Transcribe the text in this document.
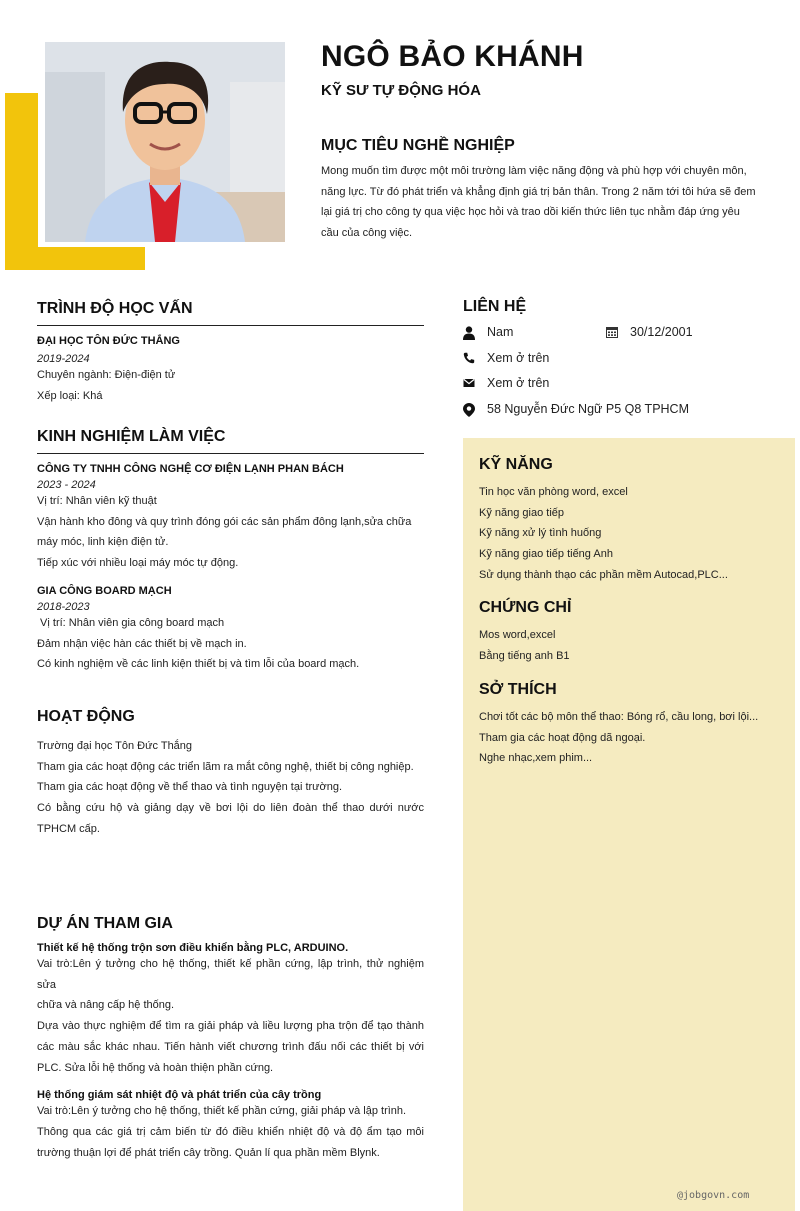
NGÔ BẢO KHÁNH
KỸ SƯ TỰ ĐỘNG HÓA
MỤC TIÊU NGHỀ NGHIỆP

Mong muốn tìm được một môi trường làm việc năng động và phù hợp với chuyên môn,

năng lực. Từ đó phát triển và khẳng định giá trị bản thân. Trong 2 năm tới tôi hứa sẽ đem

lại giá trị cho công ty qua việc học hỏi và trao dồi kiến thức liên tục nhằm đáp ứng yêu

cầu của công việc.

TRÌNH ĐỘ HỌC VẤN

ĐẠI HỌC TÔN ĐỨC THẮNG

2019-2024

Chuyên ngành: Điện-điện tử

Xếp loại: Khá

KINH NGHIỆM LÀM VIỆC

CÔNG TY TNHH CÔNG NGHỆ CƠ ĐIỆN LẠNH PHAN BÁCH

2023 - 2024

Vị trí: Nhân viên kỹ thuật

Vận hành kho đông và quy trình đóng gói các sản phẩm đông lạnh,sửa chữa

máy móc, linh kiện điện tử.

Tiếp xúc với nhiều loại máy móc tự động.

GIA CÔNG BOARD MẠCH

2018-2023

Vị trí: Nhân viên gia công board mạch

Đảm nhận việc hàn các thiết bị về mạch in.

Có kinh nghiệm về các linh kiện thiết bị và tìm lỗi của board mạch.

HOẠT ĐỘNG

Trường đại học Tôn Đức Thắng

Tham gia các hoạt động các triển lãm ra mắt công nghệ, thiết bị công nghiệp.

Tham gia các hoạt động về thể thao và tình nguyện tại trường.

Có bằng cứu hộ và giảng dạy về bơi lội do liên đoàn thể thao dưới nước

TPHCM cấp.

DỰ ÁN THAM GIA

Thiết kế hệ thống trộn sơn điều khiển bằng PLC, ARDUINO.

Vai trò:Lên ý tưởng cho hệ thống, thiết kế phần cứng, lập trình, thử nghiệm sửa

chữa và nâng cấp hệ thống.

Dựa vào thực nghiệm để tìm ra giải pháp và liều lượng pha trộn để tạo thành

các màu sắc khác nhau. Tiến hành viết chương trình đấu nối các thiết bị với

PLC. Sửa lỗi hệ thống và hoàn thiện phần cứng.

Hệ thống giám sát nhiệt độ và phát triển của cây trồng

Vai trò:Lên ý tưởng cho hệ thống, thiết kế phần cứng, giải pháp và lập trình.

Thông qua các giá trị cảm biến từ đó điều khiển nhiệt độ và độ ẩm tạo môi

trường thuận lợi để phát triển cây trồng. Quản lí qua phần mềm Blynk.

LIÊN HỆ
Nam	30/12/2001
Xem ở trên
Xem ở trên
58 Nguyễn Đức Ngữ P5 Q8 TPHCM
KỸ NĂNG

Tin học văn phòng word, excel

Kỹ năng giao tiếp

Kỹ năng xử lý tình huống

Kỹ năng giao tiếp tiếng Anh

Sử dụng thành thạo các phần mềm Autocad,PLC...

CHỨNG CHỈ

Mos word,excel

Bằng tiếng anh B1

SỞ THÍCH

Chơi tốt các bộ môn thể thao: Bóng rổ, cầu long, bơi lội...

Tham gia các hoạt động dã ngoại.

Nghe nhạc,xem phim...

@jobgovn.com
